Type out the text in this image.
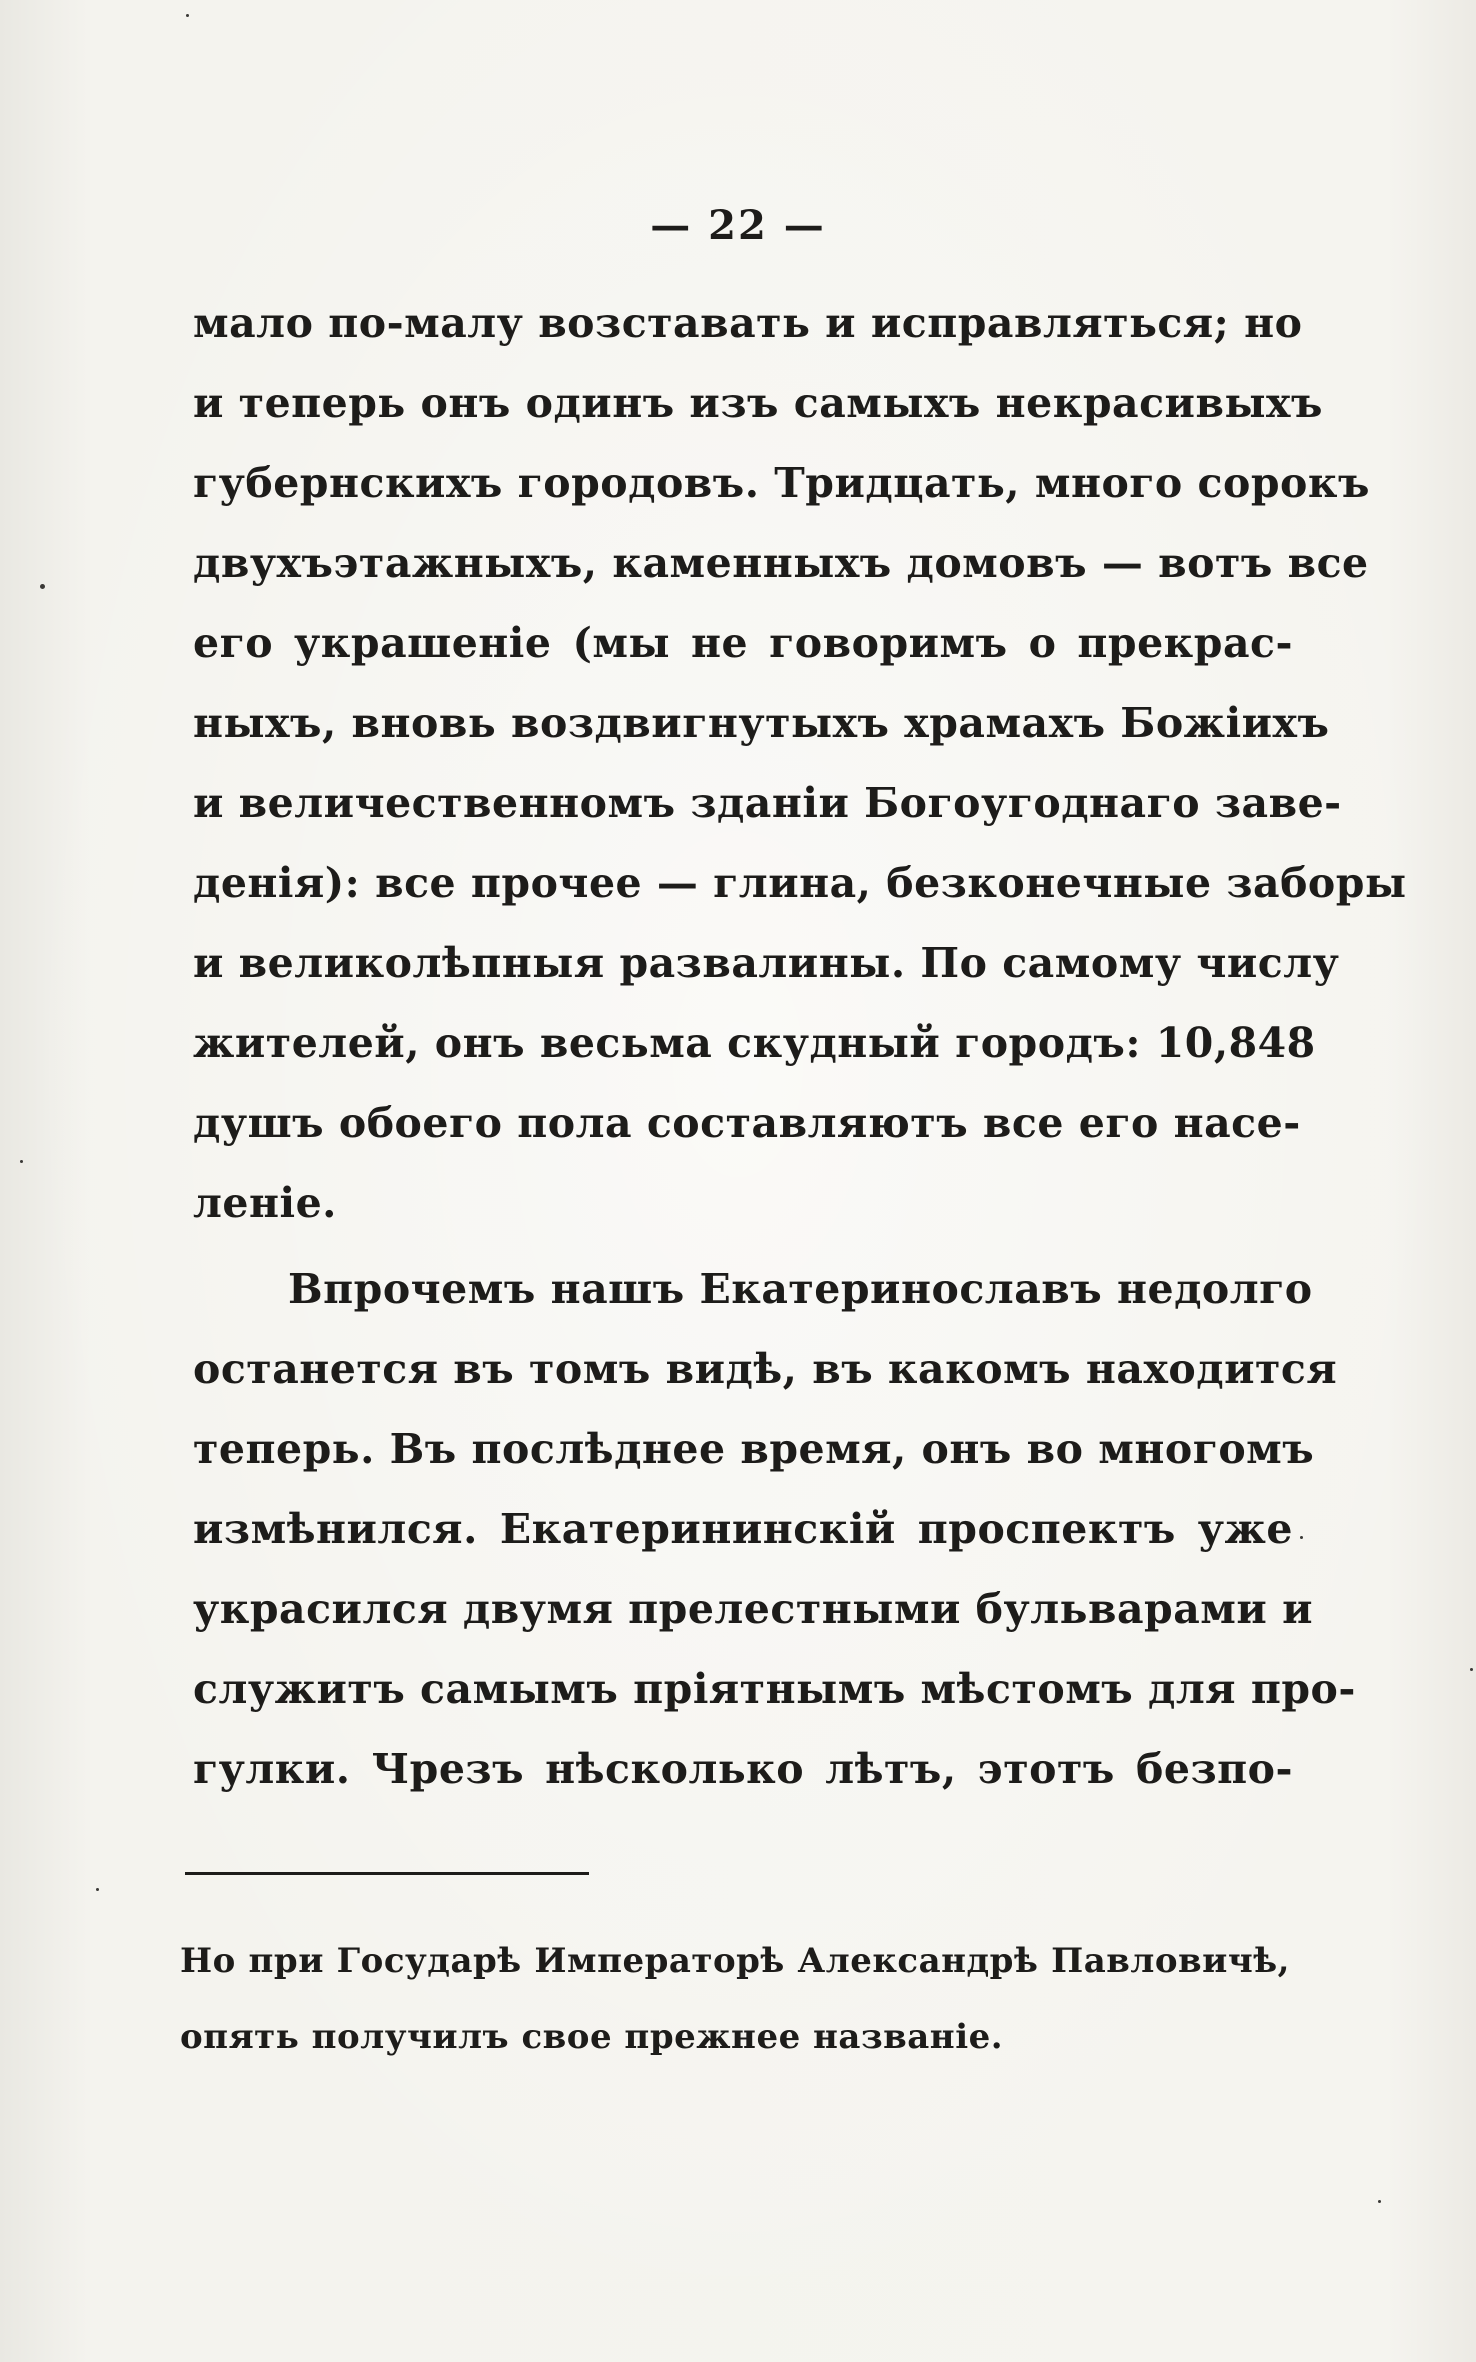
— 22 —
мало по-малу возставать и исправляться; но
и теперь онъ одинъ изъ самыхъ некрасивыхъ
губернскихъ городовъ. Тридцать, много сорокъ
двухъэтажныхъ, каменныхъ домовъ — вотъ все
его украшеніе (мы не говоримъ о прекрас-
ныхъ, вновь воздвигнутыхъ храмахъ Божіихъ
и величественномъ зданіи Богоугоднаго заве-
денія): все прочее — глина, безконечные заборы
и великолѣпныя развалины. По самому числу
жителей, онъ весьма скудный городъ: 10,848
душъ обоего пола составляютъ все его насе-
леніе.
Впрочемъ нашъ Екатеринославъ недолго
останется въ томъ видѣ, въ какомъ находится
теперь. Въ послѣднее время, онъ во многомъ
измѣнился. Екатерининскій проспектъ уже
украсился двумя прелестными бульварами и
служитъ самымъ пріятнымъ мѣстомъ для про-
гулки. Чрезъ нѣсколько лѣтъ, этотъ безпо-
Но при Государѣ Императорѣ Александрѣ Павловичѣ,
опять получилъ свое прежнее названіе.
